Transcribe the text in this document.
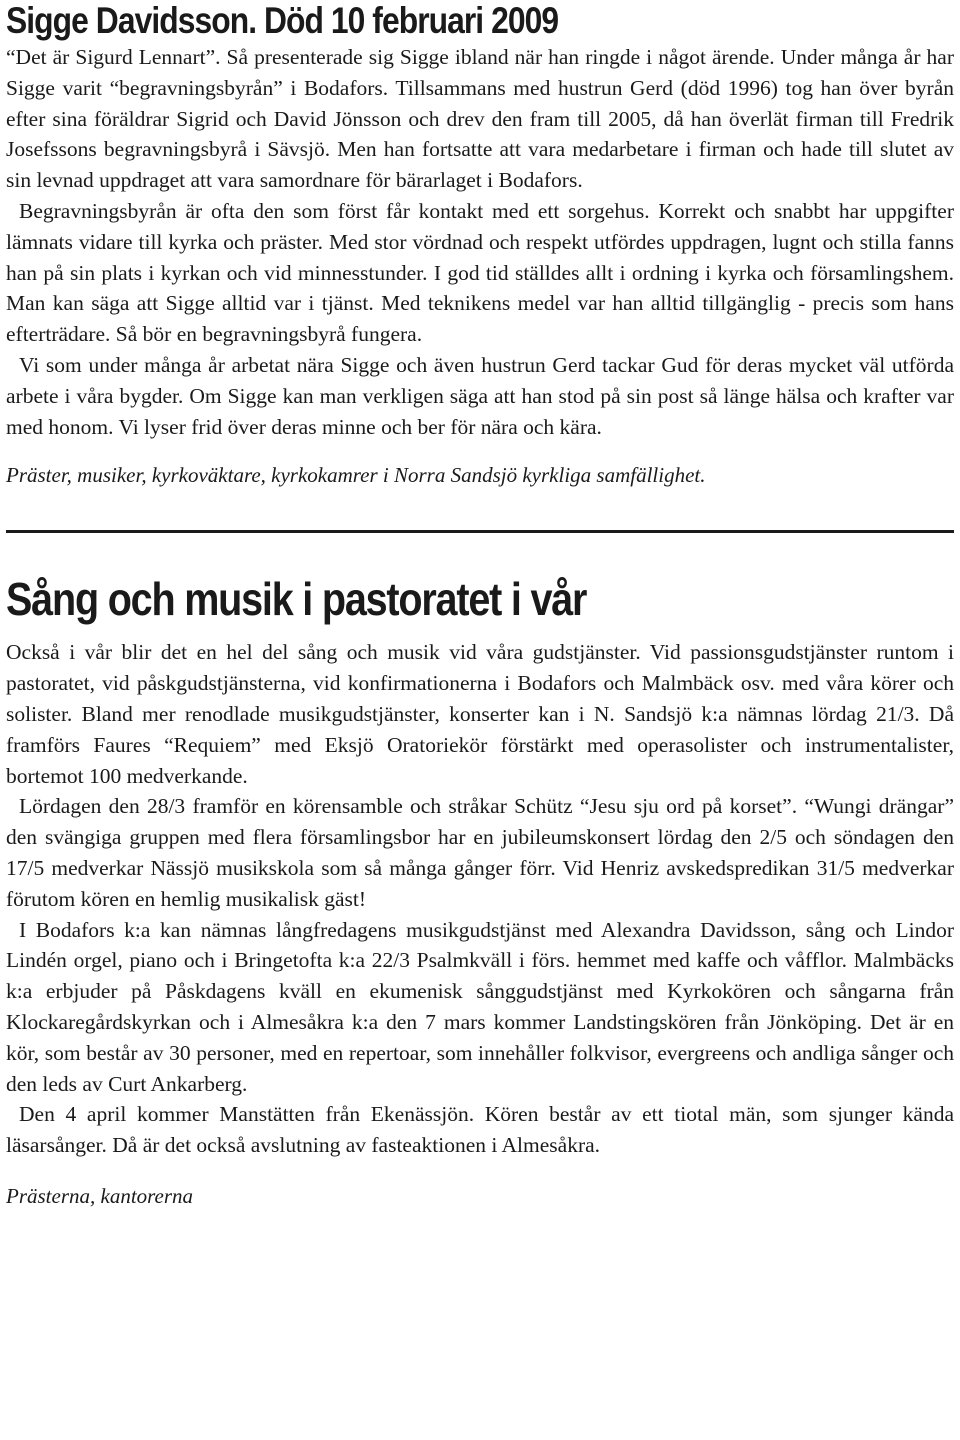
Sigge Davidsson. Död 10 februari 2009

“Det är Sigurd Lennart”. Så presenterade sig Sigge ibland när han ringde i något ärende. Under många år har Sigge varit “begravningsbyrån” i Bodafors. Tillsammans med hustrun Gerd (död 1996) tog han över byrån efter sina föräldrar Sigrid och David Jönsson och drev den fram till 2005, då han överlät firman till Fredrik Josefssons begravningsbyrå i Sävsjö. Men han fortsatte att vara medarbetare i firman och hade till slutet av sin levnad uppdraget att vara samordnare för bärarlaget i Bodafors.

Begravningsbyrån är ofta den som först får kontakt med ett sorgehus. Korrekt och snabbt har uppgifter lämnats vidare till kyrka och präster. Med stor vördnad och respekt utfördes uppdragen, lugnt och stilla fanns han på sin plats i kyrkan och vid minnesstunder. I god tid ställdes allt i ordning i kyrka och församlingshem. Man kan säga att Sigge alltid var i tjänst. Med teknikens medel var han alltid tillgänglig - precis som hans efterträdare. Så bör en begravningsbyrå fungera.

Vi som under många år arbetat nära Sigge och även hustrun Gerd tackar Gud för deras mycket väl utförda arbete i våra bygder. Om Sigge kan man verkligen säga att han stod på sin post så länge hälsa och krafter var med honom. Vi lyser frid över deras minne och ber för nära och kära.

Präster, musiker, kyrkoväktare, kyrkokamrer i Norra Sandsjö kyrkliga samfällighet.

Sång och musik i pastoratet i vår

Också i vår blir det en hel del sång och musik vid våra gudstjänster. Vid passionsgudstjänster runtom i pastoratet, vid påskgudstjänsterna, vid konfirmationerna i Bodafors och Malmbäck osv. med våra körer och solister. Bland mer renodlade musikgudstjänster, konserter kan i N. Sandsjö k:a nämnas lördag 21/3. Då framförs Faures “Requiem” med Eksjö Oratoriekör förstärkt med operasolister och instrumentalister, bortemot 100 medverkande.

Lördagen den 28/3 framför en körensamble och stråkar Schütz “Jesu sju ord på korset”. “Wungi drängar” den svängiga gruppen med flera församlingsbor har en jubileumskonsert lördag den 2/5 och söndagen den 17/5 medverkar Nässjö musikskola som så många gånger förr. Vid Henriz avskedspredikan 31/5 medverkar förutom kören en hemlig musikalisk gäst!

I Bodafors k:a kan nämnas långfredagens musikgudstjänst med Alexandra Davidsson, sång och Lindor Lindén orgel, piano och i Bringetofta k:a 22/3 Psalmkväll i förs. hemmet med kaffe och våfflor. Malmbäcks k:a erbjuder på Påskdagens kväll en ekumenisk sånggudstjänst med Kyrkokören och sångarna från Klockaregårdskyrkan och i Almesåkra k:a den 7 mars kommer Landstingskören från Jönköping. Det är en kör, som består av 30 personer, med en repertoar, som innehåller folkvisor, evergreens och andliga sånger och den leds av Curt Ankarberg.

Den 4 april kommer Manstätten från Ekenässjön. Kören består av ett tiotal män, som sjunger kända läsarsånger. Då är det också avslutning av fasteaktionen i Almesåkra.

Prästerna, kantorerna
